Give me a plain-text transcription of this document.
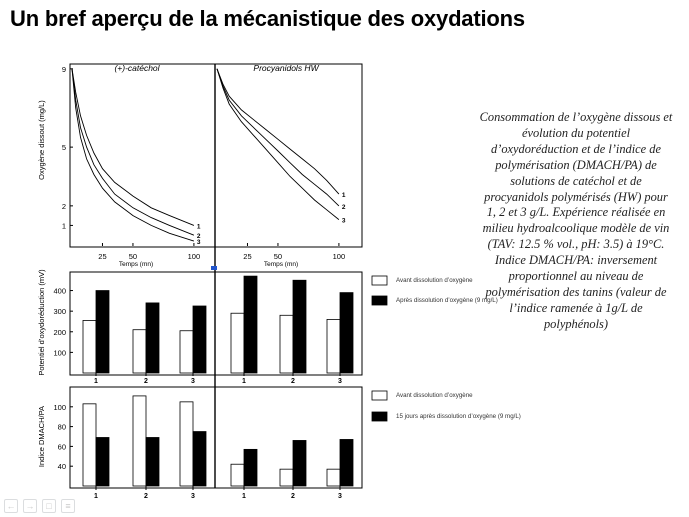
Un bref aperçu de la mécanistique des oxydations
(+)-catéchol
1
2
3
25	50	100
Temps (mn)
Procyanidols HW
1
2
3
25	50	100
Temps (mn)
1
2
5
9
Oxygène dissout (mg/L)
100
200
300
400
1	2	3	1	2	3
Avant dissolution d’oxygène
Après dissolution d’oxygène (9 mg/L)
Potentiel d’oxydoréduction (mV)
40
60
80
100
1	2	3	1	2	3
Avant dissolution d’oxygène
15 jours après dissolution d’oxygène (9 mg/L)
Indice DMACH/PA

Consommation de l’oxygène dissous et évolution du potentiel d’oxydoréduction et de l’indice de polymérisation (DMACH/PA) de solutions de catéchol et de procyanidols polymérisés (HW) pour 1, 2 et 3 g/L. Expérience réalisée en milieu hydroalcoolique modèle de vin (TAV: 12.5 % vol., pH: 3.5) à 19°C. Indice DMACH/PA: inversement proportionnel au niveau de polymérisation des tanins (valeur de l’indice ramenée à 1g/L de polyphénols)

← →	□	≡
